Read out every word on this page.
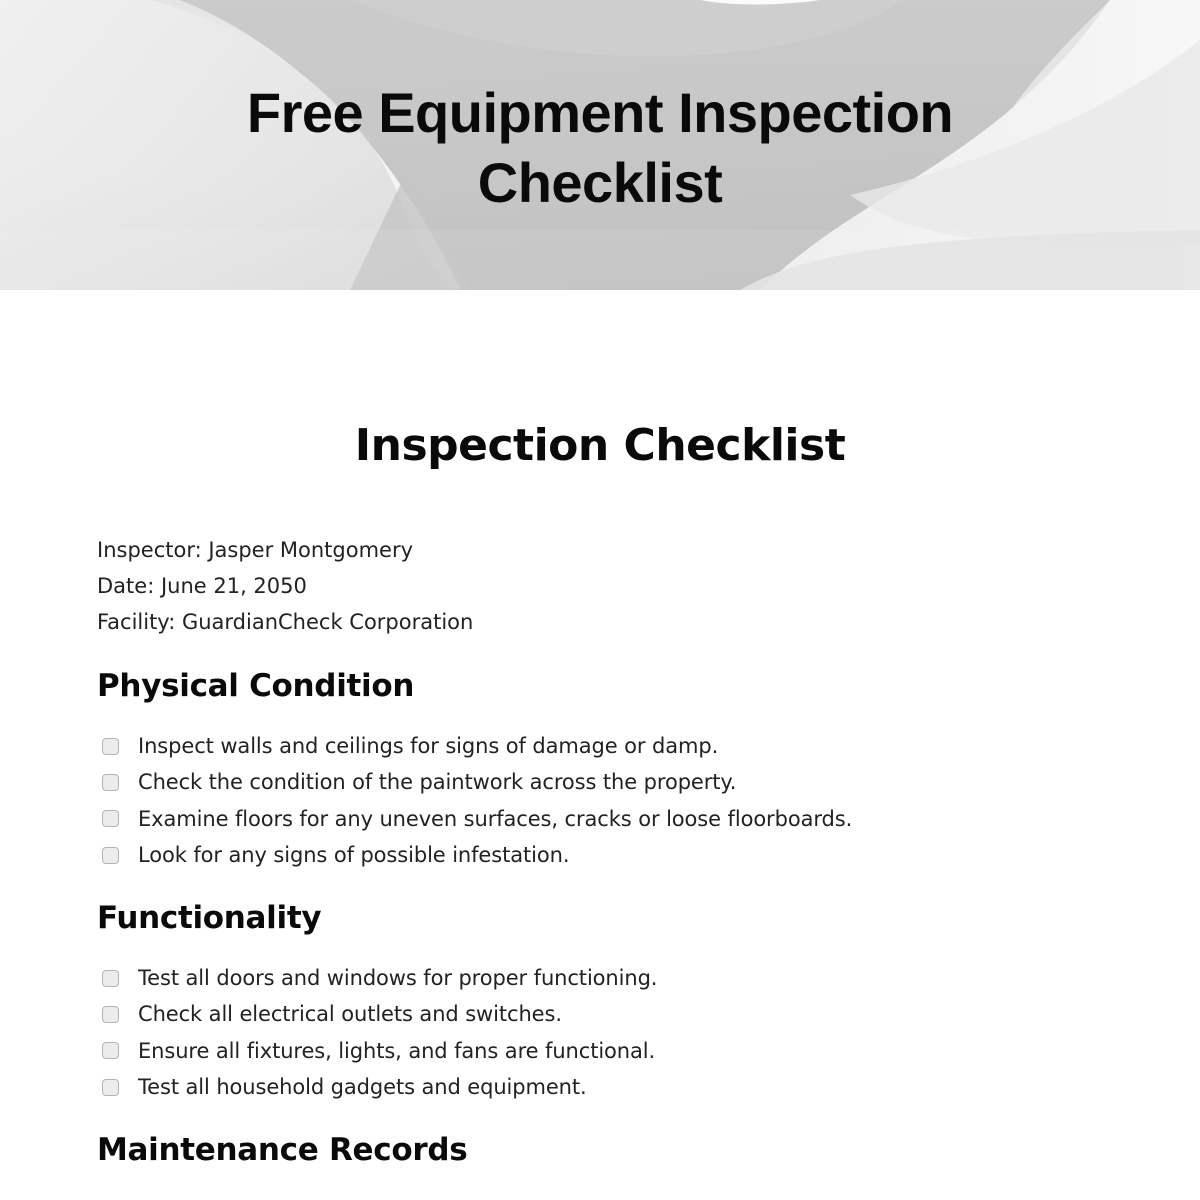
Free Equipment Inspection
Checklist
Inspection Checklist
Inspector: Jasper Montgomery
Date: June 21, 2050
Facility: GuardianCheck Corporation
Physical Condition
Inspect walls and ceilings for signs of damage or damp.
Check the condition of the paintwork across the property.
Examine floors for any uneven surfaces, cracks or loose floorboards.
Look for any signs of possible infestation.
Functionality
Test all doors and windows for proper functioning.
Check all electrical outlets and switches.
Ensure all fixtures, lights, and fans are functional.
Test all household gadgets and equipment.
Maintenance Records
